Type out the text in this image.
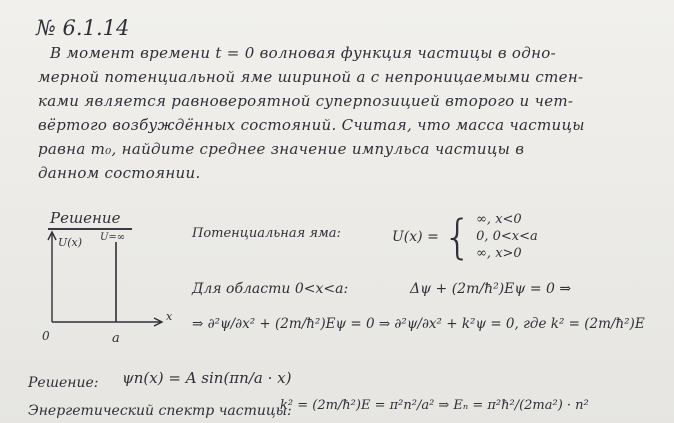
№ 6.1.14
В момент времени t = 0 волновая функция частицы в одно-
мерной потенциальной яме шириной a с непроницаемыми стен-
ками является равновероятной суперпозицией второго и чет-
вёртого возбуждённых состояний. Считая, что масса частицы
равна m₀, найдите среднее значение импульса частицы в
данном состоянии.
Решение
U(x) U=∞
x
0	a
Потенциальная яма:	U(x) = { ∞, x<0
0, 0<x<a
∞, x>0
Для области 0<x<a:	Δψ + (2m/ħ²)Eψ = 0 ⇒
⇒ ∂²ψ/∂x² + (2m/ħ²)Eψ = 0 ⇒ ∂²ψ/∂x² + k²ψ = 0, где k² = (2m/ħ²)E
Решение: ψn(x) = A sin(πn/a · x)
Энергетический спектр частицы:
k² = (2m/ħ²)E = π²n²/a² ⇒ Eₙ = π²ħ²/(2ma²) · n²
